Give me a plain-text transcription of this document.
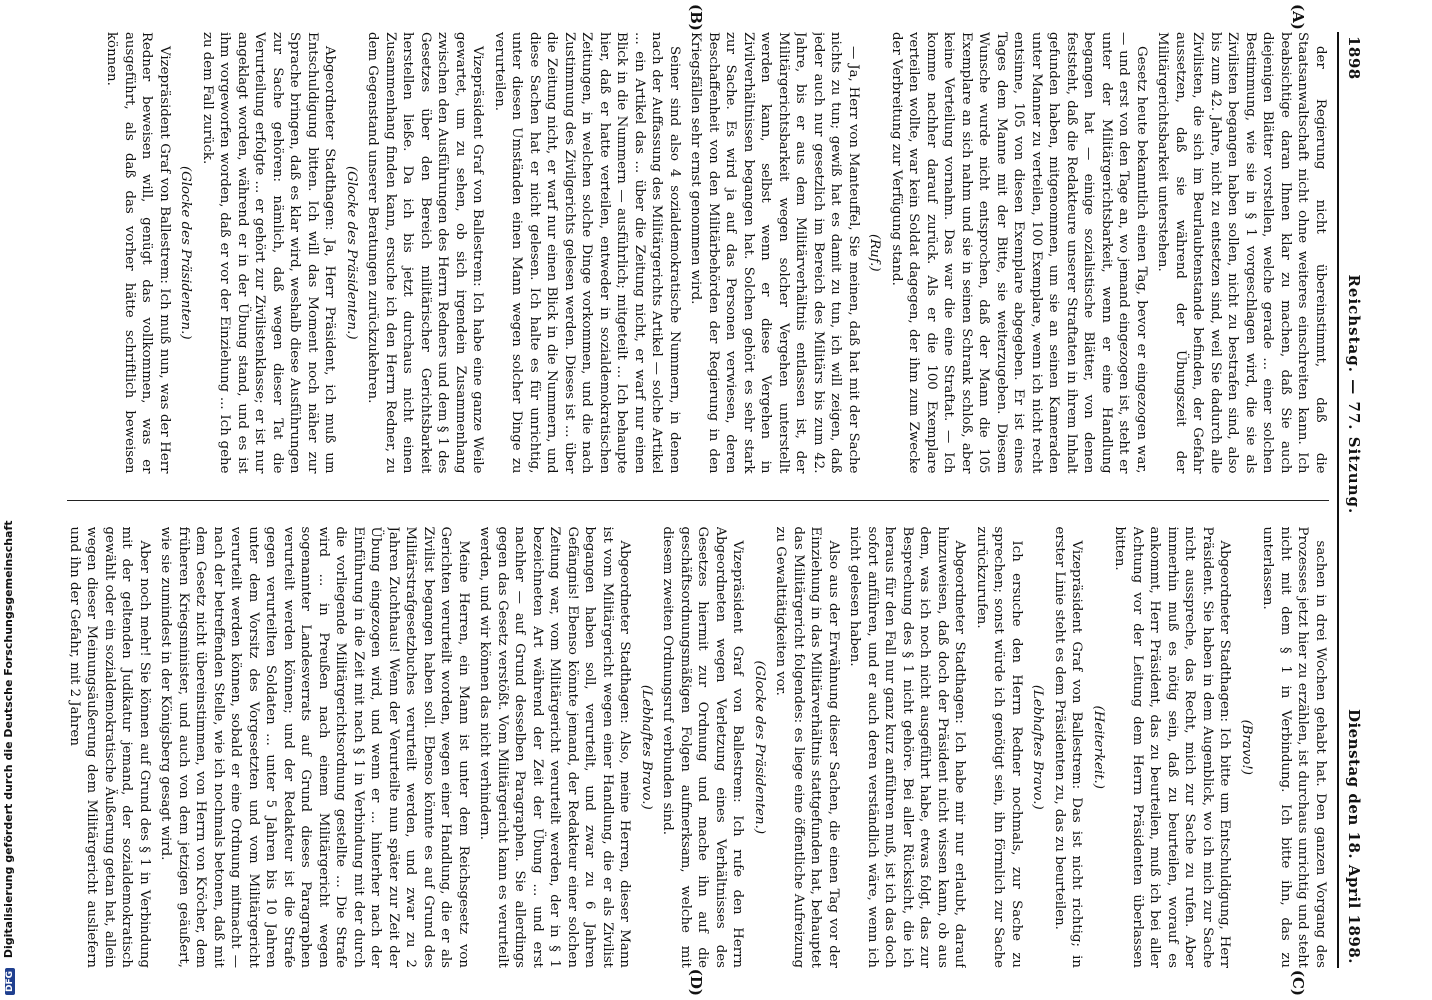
DFG Digitalisierung gefördert durch die Deutsche Forschungsgemeinschaft
1898
Reichstag. — 77. Sitzung.
Dienstag den 18. April 1898.
(A)
(B)
(C)
(D)

der Regierung nicht übereinstimmt, daß die Staatsanwaltschaft nicht ohne weiteres einschreiten kann. Ich beabsichtige daran Ihnen klar zu machen, daß Sie auch diejenigen Blätter vorstellen, welche gerade ... einer solchen Bestimmung, wie sie in § 1 vorgeschlagen wird, die sie als Zivilisten begangen haben sollen, nicht zu bestrafen sind, also bis zum 42. Jahre, nicht zu entsetzen sind, weil Sie dadurch alle Zivilisten, die sich im Beurlaubtenstande befinden, der Gefahr aussetzen, daß sie während der Übungszeit der Militärgerichtsbarkeit unterstehen.

Gesetz heute bekanntlich einen Tag, bevor er eingezogen war, — und erst von den Tage an, wo jemand eingezogen ist, steht er unter der Militärgerichtsbarkeit, wenn er eine Handlung begangen hat — einige sozialistische Blätter, von denen feststeht, daß die Redakteure unserer Straftaten in ihrem Inhalt gefunden haben, mitgenommen, um sie an seinen Kameraden unter Manner zu verteilen, 100 Exemplare, wenn ich nicht recht entsinne, 105 von diesen Exemplare abgegeben. Er ist eines Tages dem Manne mit der Bitte, sie weiterzugeben. Diesem Wunsche wurde nicht entsprochen, daß der Mann die 105 Exemplare an sich nahm und sie in seinen Schrank schloß, aber keine Verteilung vornahm. Das war die eine Straftat. — Ich komme nachher darauf zurück. Als er die 100 Exemplare verteilen wollte, war kein Soldat dagegen, der ihm zum Zwecke der Verbreitung zur Verfügung stand.

(Ruf.)

— Ja, Herr von Manteuffel, Sie meinen, daß hat mit der Sache nichts zu tun; gewiß hat es damit zu tun, ich will zeigen, daß jeder auch nur gesetzlich im Bereich des Militärs bis zum 42. Jahre, bis er aus dem Militärverhältnis entlassen ist, der Militärgerichtsbarkeit wegen solcher Vergehen unterstellt werden kann, selbst wenn er diese Vergehen in Zivilverhältnissen begangen hat. Solchen gehört es sehr stark zur Sache. Es wird ja auf das Personen verwiesen, deren Beschaffenheit von den Militärbehörden der Regierung in den Kriegsfällen sehr ernst genommen wird.

Seiner sind also 4 sozialdemokratische Nummern, in denen nach der Auffassung des Militärgerichts Artikel — solche Artikel ... ein Artikel das ... über die Zeitung nicht, er warf nur einen Blick in die Nummern — ausführlich; mitgeteilt ... Ich behaupte hier, daß er hatte verteilen, entweder in sozialdemokratischen Zeitungen, in welchen solche Dinge vorkommen, und die nach Zustimmung des Zivilgerichts gelesen werden. Dieses ist ... über die Zeitung nicht, er warf nur einen Blick in die Nummern, und diese Sachen hat er nicht gelesen. Ich halte es für unrichtig, unter diesen Umständen einen Mann wegen solcher Dinge zu verurteilen.

Vizepräsident Graf von Ballestrem: Ich habe eine ganze Weile gewartet, um zu sehen, ob sich irgendein Zusammenhang zwischen den Ausführungen des Herrn Redners und dem § 1 des Gesetzes über den Bereich militärischer Gerichtsbarkeit herstellen ließe. Da ich bis jetzt durchaus nicht einen Zusammenhang finden kann, ersuche ich den Herrn Redner, zu dem Gegenstand unserer Beratungen zurückzukehren.

(Glocke des Präsidenten.)

Abgeordneter Stadthagen: Ja, Herr Präsident, ich muß um Entschuldigung bitten. Ich will das Moment noch näher zur Sprache bringen, daß es klar wird, weshalb diese Ausführungen zur Sache gehören: nämlich, daß wegen dieser Tat die Verurteilung erfolgte ... er gehört zur Zivilistenklasse; er ist nur angeklagt worden, während er in der Übung stand, und es ist ihm vorgeworfen worden, daß er vor der Einziehung ... Ich gehe zu dem Fall zurück.

(Glocke des Präsidenten.)

Vizepräsident Graf von Ballestrem: Ich muß nun, was der Herr Redner beweisen will, genügt das vollkommen, was er ausgeführt, als daß das vorher hätte schriftlich beweisen können.

sachen in drei Wochen gehabt hat. Den ganzen Vorgang des Prozesses jetzt hier zu erzählen, ist durchaus unrichtig und steht nicht mit dem § 1 in Verbindung. Ich bitte ihn, das zu unterlassen.

(Bravo!)

Abgeordneter Stadthagen: Ich bitte um Entschuldigung, Herr Präsident. Sie haben in dem Augenblick, wo ich mich zur Sache nicht ausspreche, das Recht, mich zur Sache zu rufen. Aber immerhin muß es nötig sein, daß zu beurteilen, worauf es ankommt, Herr Präsident, das zu beurteilen, muß ich bei aller Achtung vor der Leitung dem Herrn Präsidenten überlassen bitten.

(Heiterkeit.)

Vizepräsident Graf von Ballestrem: Das ist nicht richtig; in erster Linie steht es dem Präsidenten zu, das zu beurteilen.

(Lebhaftes Bravo.)

Ich ersuche den Herrn Redner nochmals, zur Sache zu sprechen; sonst würde ich genötigt sein, ihn förmlich zur Sache zurückzurufen.

Abgeordneter Stadthagen: Ich habe mir nur erlaubt, darauf hinzuweisen, daß doch der Präsident nicht wissen kann, ob aus dem, was ich noch nicht ausgeführt habe, etwas folgt, das zur Besprechung des § 1 nicht gehöre. Bei aller Rücksicht, die ich heraus für den Fall nur ganz kurz anführen muß, ist ich das doch sofort anführen, und er auch deren verständlich wäre, wenn ich nicht gelesen haben.

Also aus der Erwähnung dieser Sachen, die einen Tag vor der Einziehung in das Militärverhältnis stattgefunden hat, behauptet das Militärgericht folgendes: es liege eine öffentliche Aufreizung zu Gewalttätigkeiten vor.

(Glocke des Präsidenten.)

Vizepräsident Graf von Ballestrem: Ich rufe den Herrn Abgeordneten wegen Verletzung eines Verhältnisses des Gesetzes hiermit zur Ordnung und mache ihn auf die geschäftsordnungsmäßigen Folgen aufmerksam, welche mit diesem zweiten Ordnungsruf verbunden sind.

(Lebhaftes Bravo.)

Abgeordneter Stadthagen: Also, meine Herren, dieser Mann ist vom Militärgericht wegen einer Handlung, die er als Zivilist begangen haben soll, verurteilt, und zwar zu 6 Jahren Gefängnis! Ebenso könnte jemand, der Redakteur einer solchen Zeitung war, vom Militärgericht verurteilt werden, der in § 1 bezeichneten Art während der Zeit der Übung ... und erst nachher — auf Grund desselben Paragraphen. Sie allerdings gegen das Gesetz verstößt. Vom Militärgericht kann es verurteilt werden, und wir können das nicht verhindern.

Meine Herren, ein Mann ist unter dem Reichsgesetz von Gerichten verurteilt worden, wegen einer Handlung, die er als Zivilist begangen haben soll. Ebenso könnte es auf Grund des Militärstrafgesetzbuches verurteilt werden, und zwar zu 2 Jahren Zuchthaus! Wenn der Verurteilte nun später zur Zeit der Übung eingezogen wird, und wenn er ... hinterher nach der Einführung in die Zeit mit nach § 1 in Verbindung mit der durch die vorliegende Militärgerichtsordnung gestellte ... Die Strafe wird ... in Preußen nach einem Militärgericht wegen sogenannter Landesverrats auf Grund dieses Paragraphen verurteilt werden können; und der Redakteur ist die Strafe gegen verurteilten Soldaten ... unter 5 Jahren bis 10 Jahren unter dem Vorsitz des Vorgesetzten und vom Militärgericht verurteilt werden können, sobald er eine Ordnung mitmacht — nach der betreffenden Stelle, wie ich nochmals betonen, daß mit dem Gesetz nicht übereinstimmen, von Herrn von Kröcher, dem früheren Kriegsminister, und auch von dem jetzigen geäußert, wie sie zumindest in der Königsberg gesagt wird.

Aber noch mehr! Sie können auf Grund des § 1 in Verbindung mit der geltenden Judikatur jemand, der sozialdemokratisch gewählt oder ein sozialdemokratische Äußerung getan hat, allein wegen dieser Meinungsäußerung dem Militärgericht ausliefern und ihn der Gefahr, mit 2 Jahren
